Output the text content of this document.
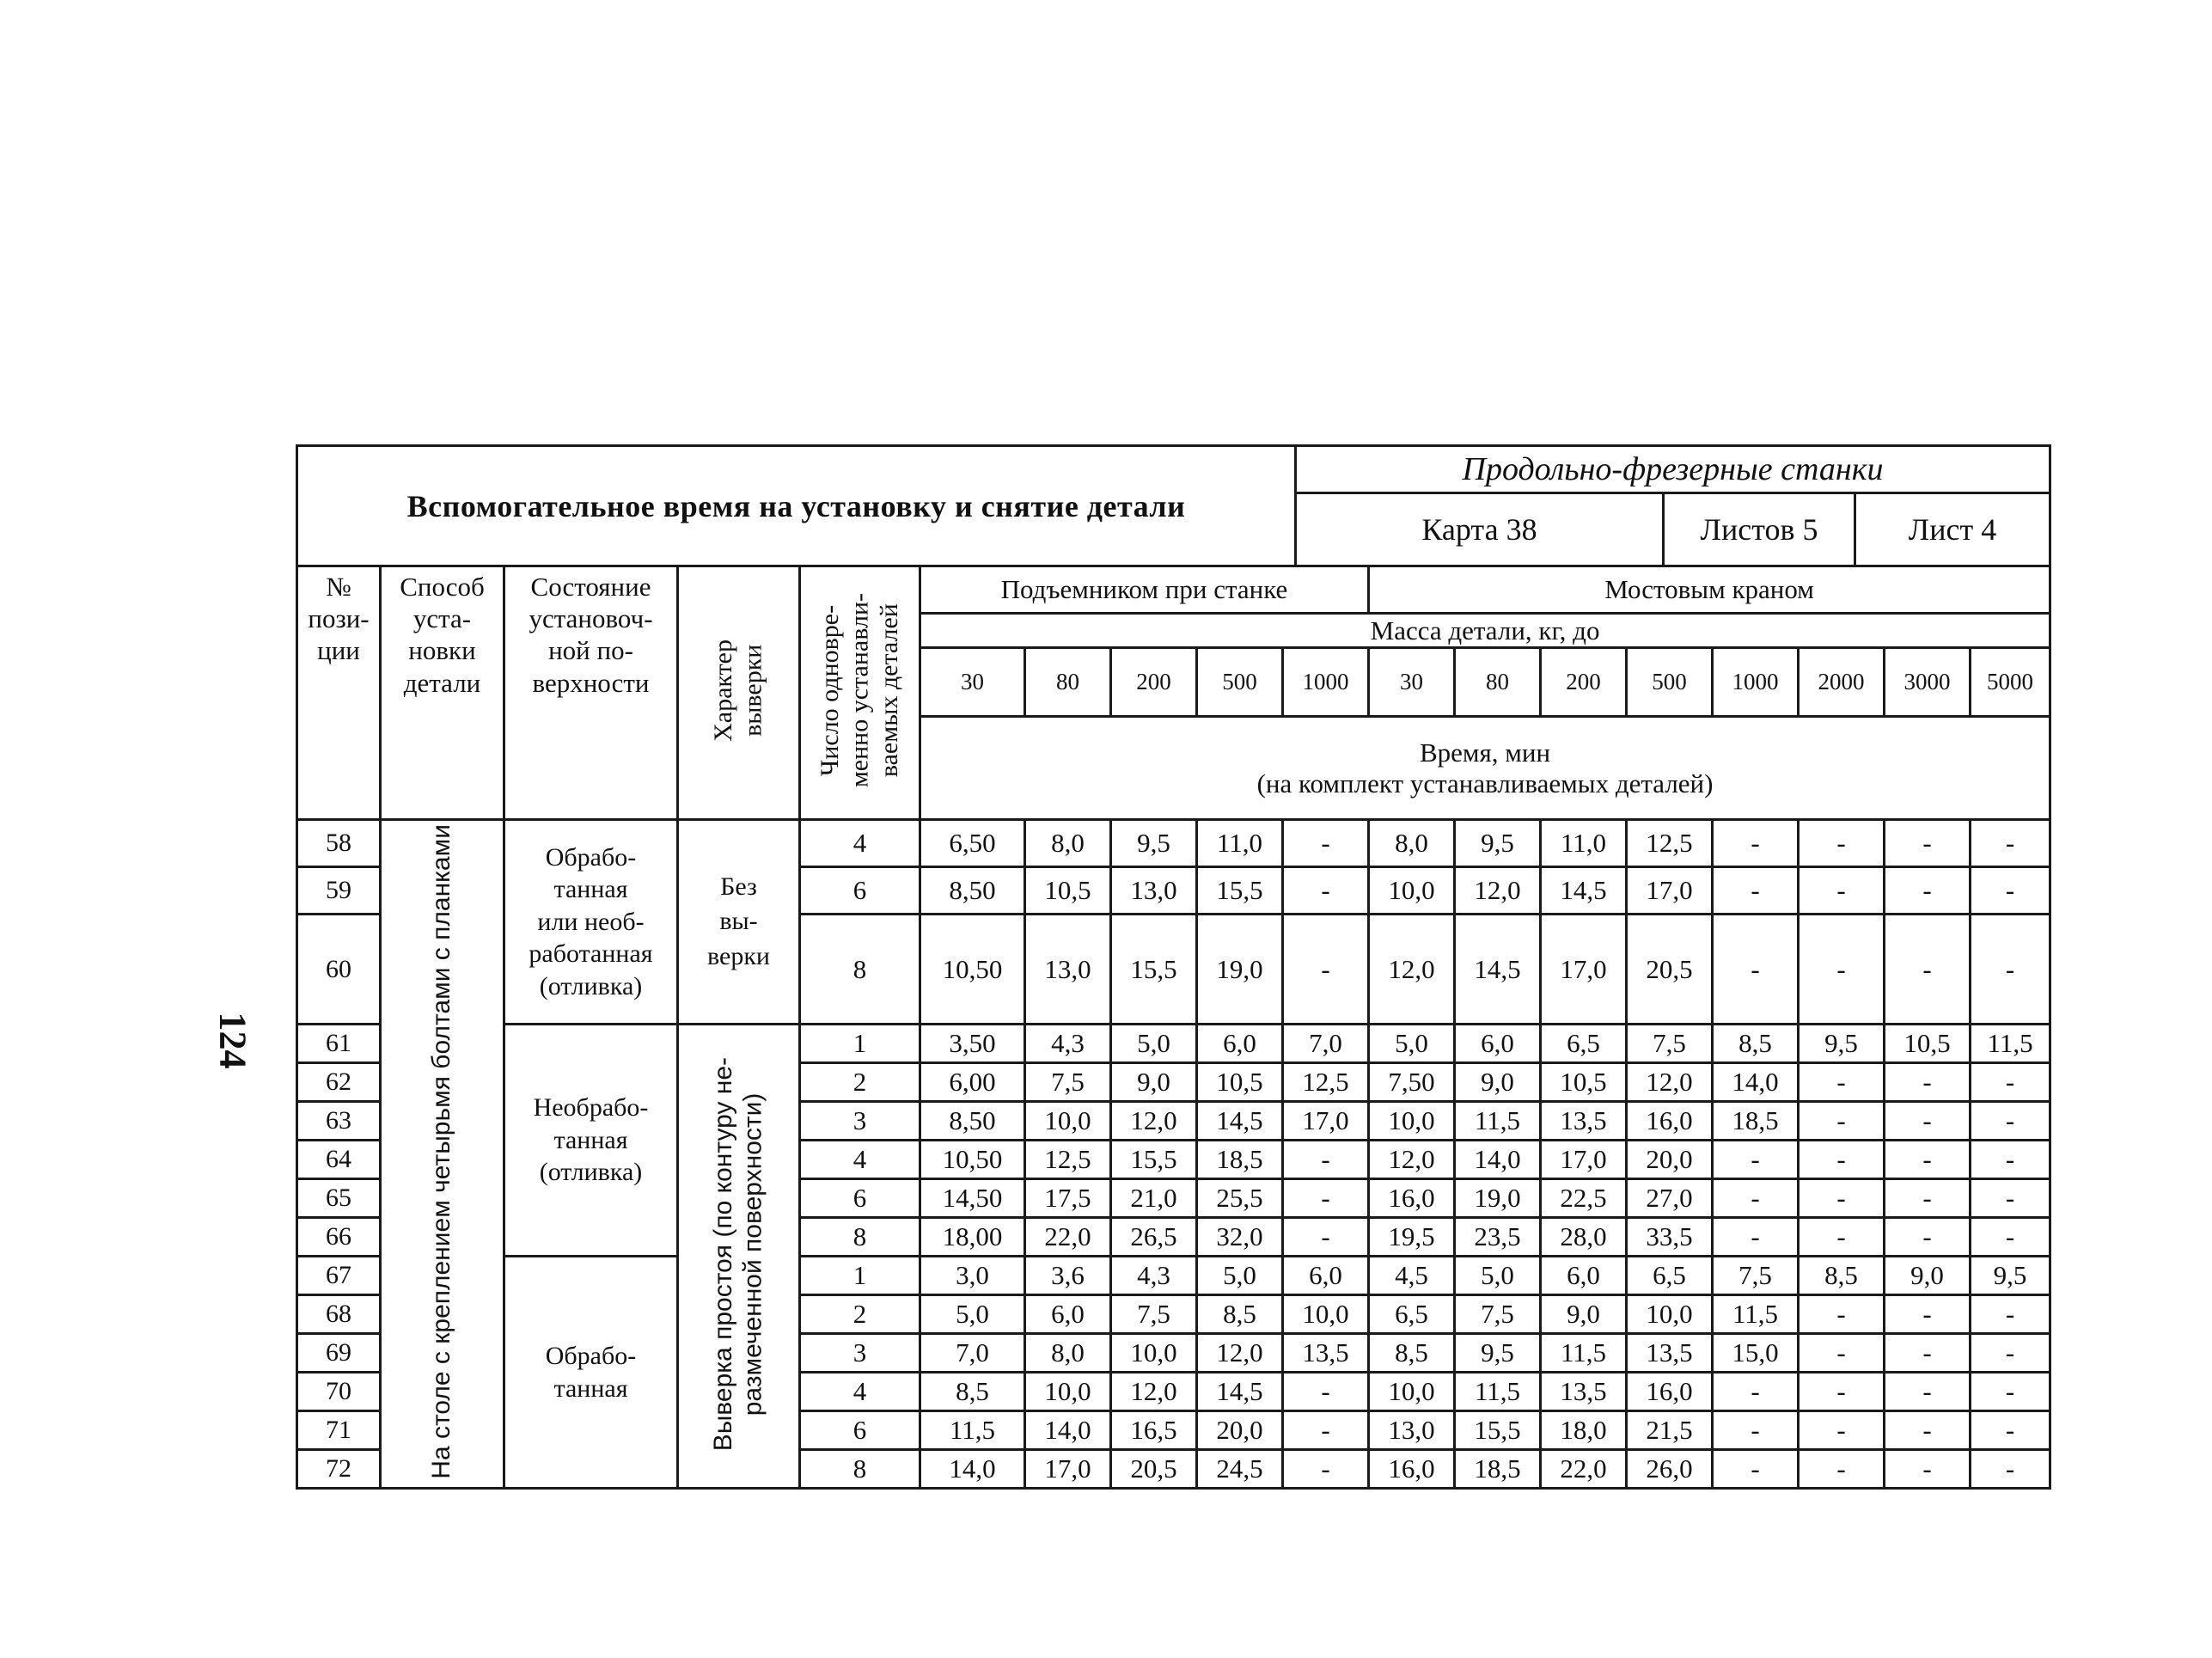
124
Вспомогательное время на установку и снятие детали	Продольно-фрезерные станки		
	Карта 38	Листов 5	Лист 4
№
пози-
ции	Способ
уста-
новки
детали	Состояние
установоч-
ной по-
верхности	Характер
выверки	Число одновре-
менно устанавли-
ваемых деталей	Подъемником при станке					Мостовым краном							
					Масса детали, кг, до												
					30	80	200	500	1000	30	80	200	500	1000	2000	3000	5000
					Время, мин
(на комплект устанавливаемых деталей)												
58	На столе с креплением четырьмя болтами с планками	Обрабо-
танная
или необ-
работанная
(отливка)	Без
вы-
верки	4	6,50	8,0	9,5	11,0	-	8,0	9,5	11,0	12,5	-	-	-	-
59				6	8,50	10,5	13,0	15,5	-	10,0	12,0	14,5	17,0	-	-	-	-
60				8	10,50	13,0	15,5	19,0	-	12,0	14,5	17,0	20,5	-	-	-	-
61		Необрабо-
танная
(отливка)	Выверка простоя (по контуру не-
размеченной поверхности)	1	3,50	4,3	5,0	6,0	7,0	5,0	6,0	6,5	7,5	8,5	9,5	10,5	11,5
62				2	6,00	7,5	9,0	10,5	12,5	7,50	9,0	10,5	12,0	14,0	-	-	-
63				3	8,50	10,0	12,0	14,5	17,0	10,0	11,5	13,5	16,0	18,5	-	-	-
64				4	10,50	12,5	15,5	18,5	-	12,0	14,0	17,0	20,0	-	-	-	-
65				6	14,50	17,5	21,0	25,5	-	16,0	19,0	22,5	27,0	-	-	-	-
66				8	18,00	22,0	26,5	32,0	-	19,5	23,5	28,0	33,5	-	-	-	-
67		Обрабо-
танная		1	3,0	3,6	4,3	5,0	6,0	4,5	5,0	6,0	6,5	7,5	8,5	9,0	9,5
68				2	5,0	6,0	7,5	8,5	10,0	6,5	7,5	9,0	10,0	11,5	-	-	-
69				3	7,0	8,0	10,0	12,0	13,5	8,5	9,5	11,5	13,5	15,0	-	-	-
70				4	8,5	10,0	12,0	14,5	-	10,0	11,5	13,5	16,0	-	-	-	-
71				6	11,5	14,0	16,5	20,0	-	13,0	15,5	18,0	21,5	-	-	-	-
72				8	14,0	17,0	20,5	24,5	-	16,0	18,5	22,0	26,0	-	-	-	-
